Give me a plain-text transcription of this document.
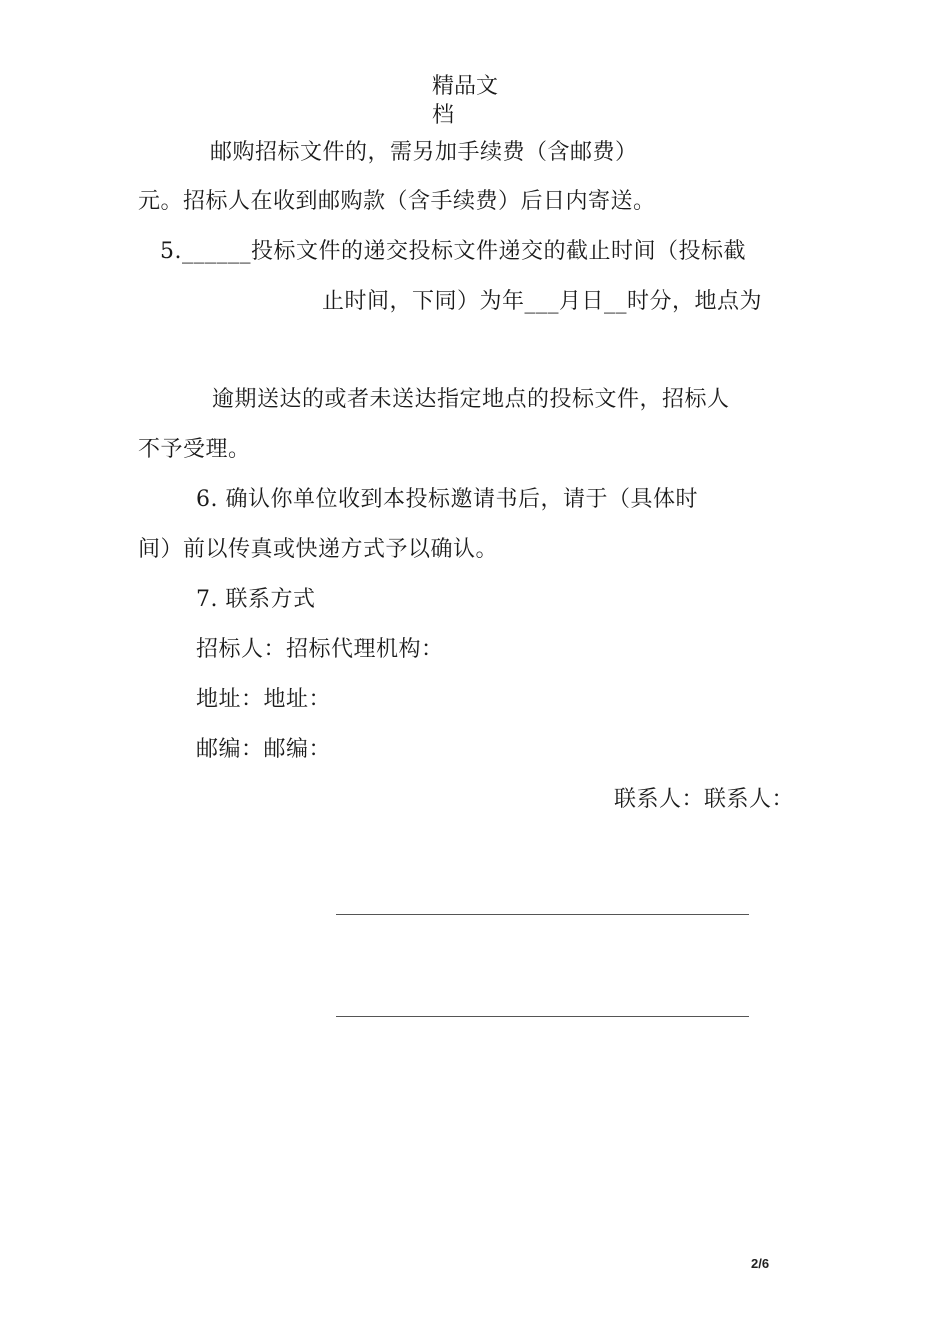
精品文
档
邮购招标文件的，需另加手续费（含邮费）
元。招标人在收到邮购款（含手续费）后日内寄送。
5.______投标文件的递交投标文件递交的截止时间（投标截
止时间，下同）为年___月日__时分，地点为
逾期送达的或者未送达指定地点的投标文件，招标人
不予受理。
6. 确认你单位收到本投标邀请书后，请于（具体时
间）前以传真或快递方式予以确认。
7. 联系方式
招标人：招标代理机构：
地址：地址：
邮编：邮编：
联系人：联系人：
2/6
